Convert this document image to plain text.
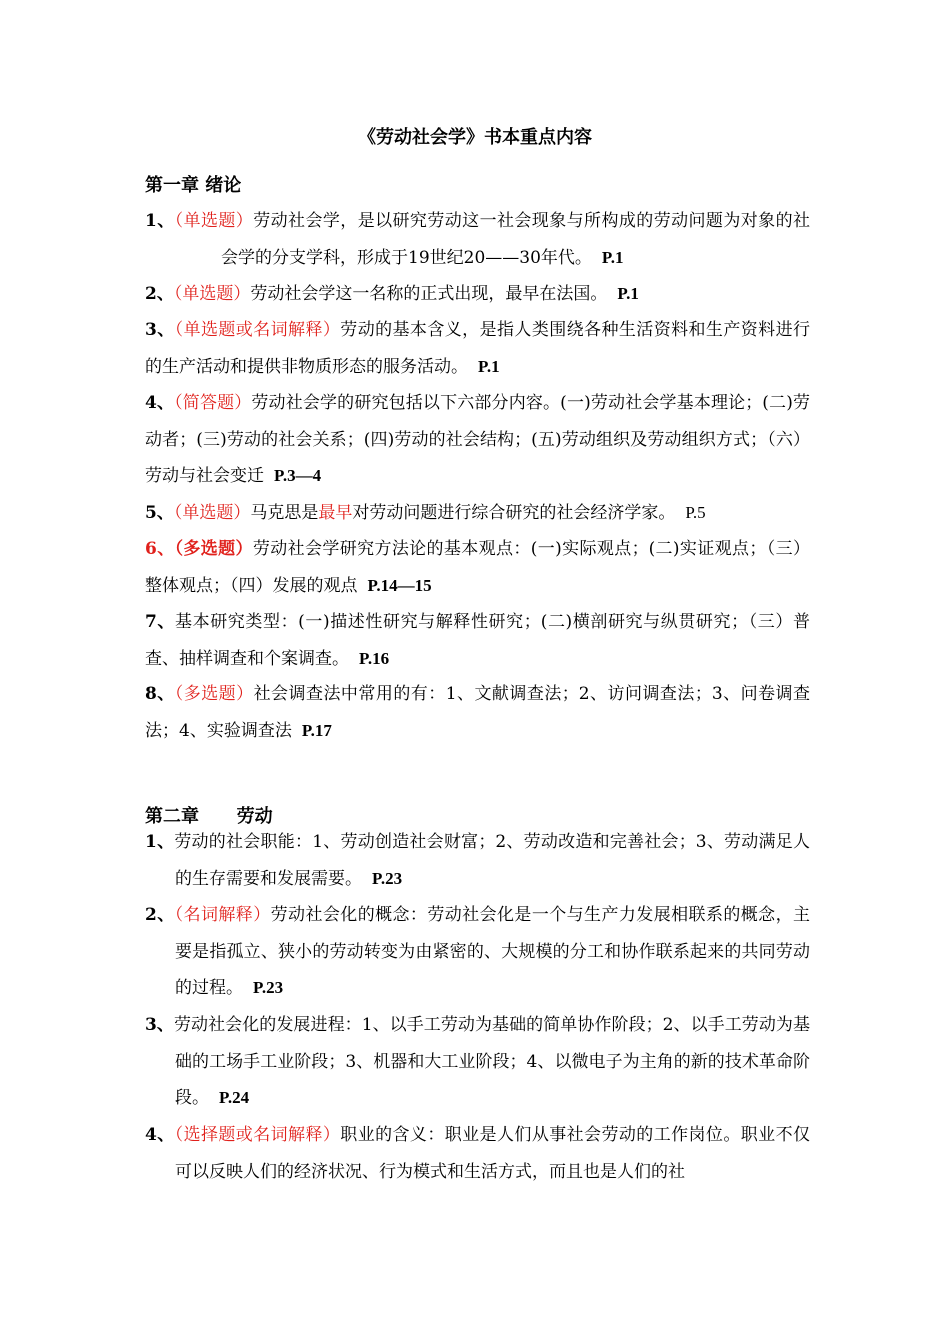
《劳动社会学》书本重点内容
第一章 绪论
1、（单选题）劳动社会学，是以研究劳动这一社会现象与所构成的劳动问题为对象的社会学的分支学科，形成于19世纪20——30年代。 P.1
2、（单选题）劳动社会学这一名称的正式出现，最早在法国。 P.1
3、（单选题或名词解释）劳动的基本含义，是指人类围绕各种生活资料和生产资料进行的生产活动和提供非物质形态的服务活动。 P.1
4、（简答题）劳动社会学的研究包括以下六部分内容。(一)劳动社会学基本理论；(二)劳动者；(三)劳动的社会关系；(四)劳动的社会结构；(五)劳动组织及劳动组织方式；（六）劳动与社会变迁 P.3—4
5、（单选题）马克思是最早对劳动问题进行综合研究的社会经济学家。 P.5
6、（多选题）劳动社会学研究方法论的基本观点：(一)实际观点；(二)实证观点；（三）整体观点；（四）发展的观点 P.14—15
7、基本研究类型：(一)描述性研究与解释性研究；(二)横剖研究与纵贯研究；（三）普查、抽样调查和个案调查。 P.16
8、（多选题）社会调查法中常用的有：1、文献调查法；2、访问调查法；3、问卷调查法；4、实验调查法 P.17
第二章      劳动
1、劳动的社会职能：1、劳动创造社会财富；2、劳动改造和完善社会；3、劳动满足人的生存需要和发展需要。 P.23
2、（名词解释）劳动社会化的概念：劳动社会化是一个与生产力发展相联系的概念，主要是指孤立、狭小的劳动转变为由紧密的、大规模的分工和协作联系起来的共同劳动的过程。 P.23
3、劳动社会化的发展进程：1、以手工劳动为基础的简单协作阶段；2、以手工劳动为基础的工场手工业阶段；3、机器和大工业阶段；4、以微电子为主角的新的技术革命阶段。 P.24
4、（选择题或名词解释）职业的含义：职业是人们从事社会劳动的工作岗位。职业不仅可以反映人们的经济状况、行为模式和生活方式，而且也是人们的社
